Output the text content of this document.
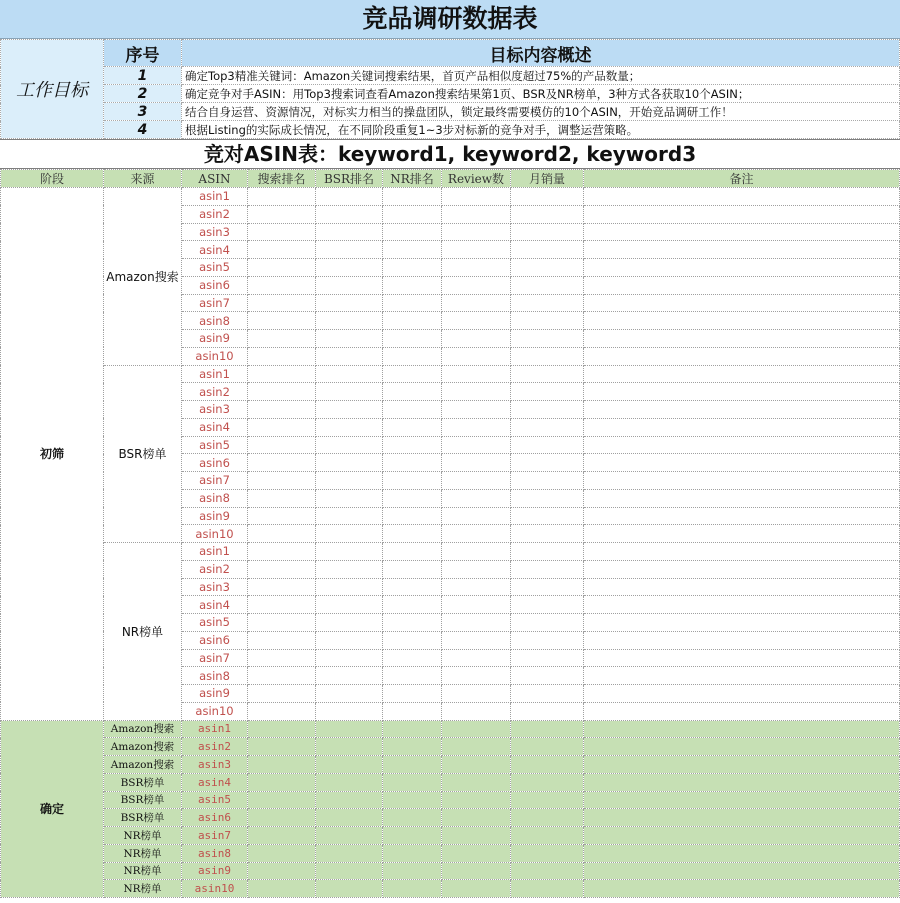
竞品调研数据表
工作目标	序号	目标内容概述
	1	确定Top3精准关键词：Amazon关键词搜索结果，首页产品相似度超过75%的产品数量；
	2	确定竞争对手ASIN：用Top3搜索词查看Amazon搜索结果第1页、BSR及NR榜单，3种方式各获取10个ASIN；
	3	结合自身运营、资源情况，对标实力相当的操盘团队，锁定最终需要模仿的10个ASIN，开始竞品调研工作！
	4	根据Listing的实际成长情况，在不同阶段重复1~3步对标新的竞争对手，调整运营策略。
竞对ASIN表：keyword1, keyword2, keyword3
阶段	来源	ASIN	搜索排名	BSR排名	NR排名	Review数	月销量	备注
初筛	Amazon搜索	asin1						
		asin2						
		asin3						
		asin4						
		asin5						
		asin6						
		asin7						
		asin8						
		asin9						
		asin10						
	BSR榜单	asin1						
		asin2						
		asin3						
		asin4						
		asin5						
		asin6						
		asin7						
		asin8						
		asin9						
		asin10						
	NR榜单	asin1						
		asin2						
		asin3						
		asin4						
		asin5						
		asin6						
		asin7						
		asin8						
		asin9						
		asin10						
确定	Amazon搜索	asin1						
	Amazon搜索	asin2						
	Amazon搜索	asin3						
	BSR榜单	asin4						
	BSR榜单	asin5						
	BSR榜单	asin6						
	NR榜单	asin7						
	NR榜单	asin8						
	NR榜单	asin9						
	NR榜单	asin10						
